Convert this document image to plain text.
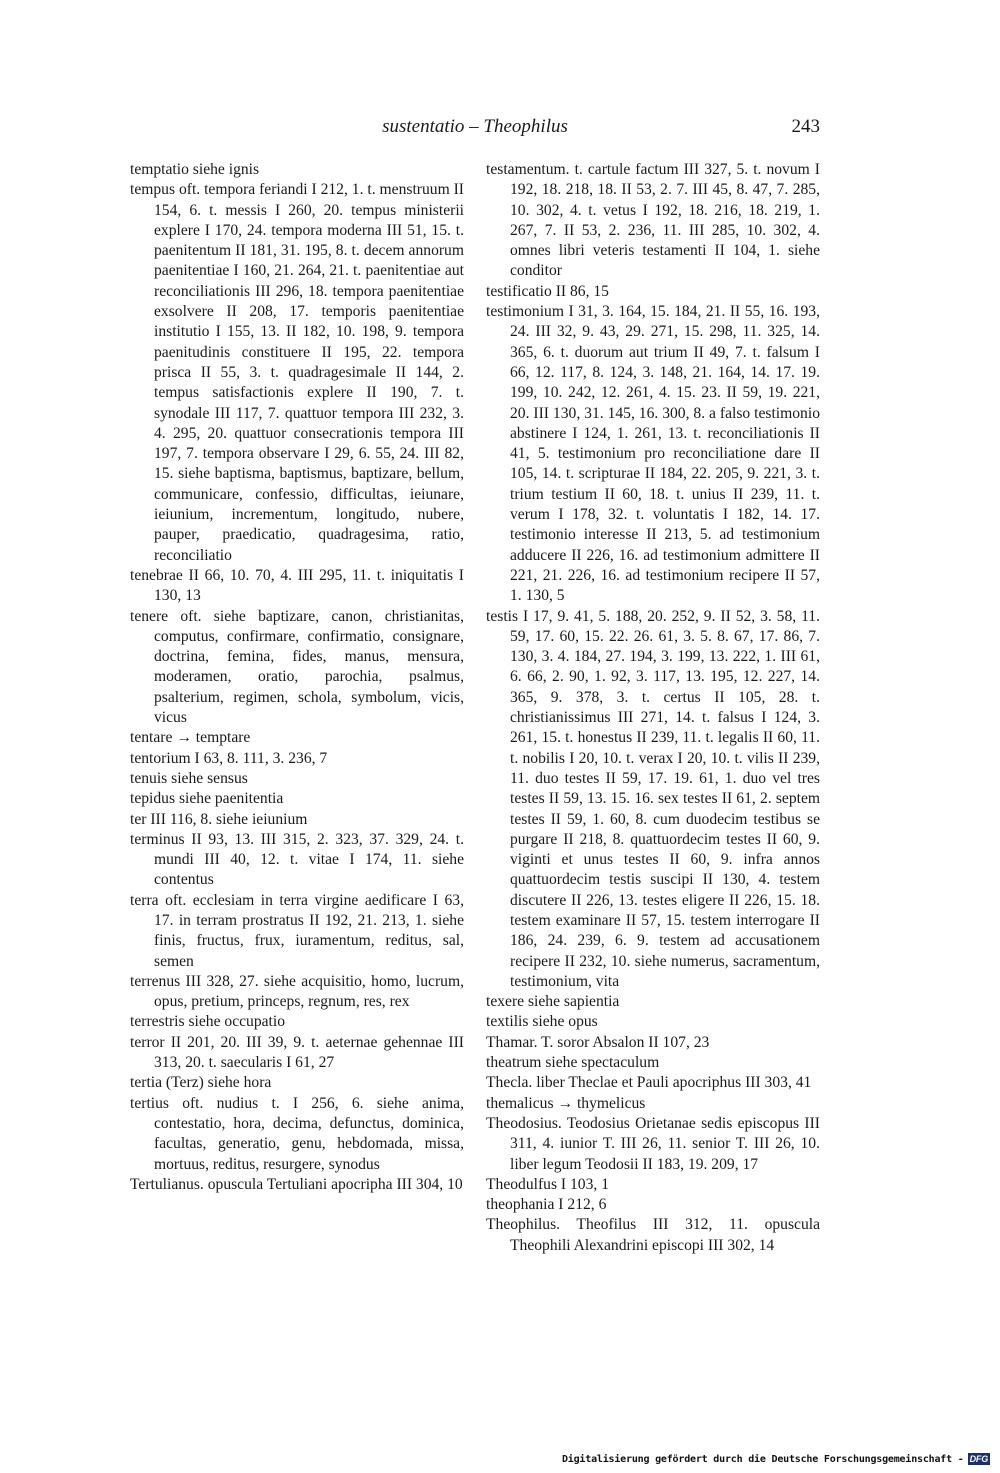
sustentatio – Theophilus	243

temptatio siehe ignis

tempus oft. tempora feriandi I 212, 1. t. menstruum II 154, 6. t. messis I 260, 20. tempus ministerii explere I 170, 24. tempora moderna III 51, 15. t. paenitentum II 181, 31. 195, 8. t. decem annorum paenitentiae I 160, 21. 264, 21. t. paenitentiae aut reconciliationis III 296, 18. tempora paenitentiae exsolvere II 208, 17. temporis paenitentiae institutio I 155, 13. II 182, 10. 198, 9. tempora paenitudinis constituere II 195, 22. tempora prisca II 55, 3. t. quadragesimale II 144, 2. tempus satisfactionis explere II 190, 7. t. synodale III 117, 7. quattuor tempora III 232, 3. 4. 295, 20. quattuor consecrationis tempora III 197, 7. tempora observare I 29, 6. 55, 24. III 82, 15. siehe baptisma, baptismus, baptizare, bellum, communicare, confessio, difficultas, ieiunare, ieiunium, incrementum, longitudo, nubere, pauper, praedicatio, quadragesima, ratio, reconciliatio

tenebrae II 66, 10. 70, 4. III 295, 11. t. iniquitatis I 130, 13

tenere oft. siehe baptizare, canon, christianitas, computus, confirmare, confirmatio, consignare, doctrina, femina, fides, manus, mensura, moderamen, oratio, parochia, psalmus, psalterium, regimen, schola, symbolum, vicis, vicus

tentare → temptare

tentorium I 63, 8. 111, 3. 236, 7

tenuis siehe sensus

tepidus siehe paenitentia

ter III 116, 8. siehe ieiunium

terminus II 93, 13. III 315, 2. 323, 37. 329, 24. t. mundi III 40, 12. t. vitae I 174, 11. siehe contentus

terra oft. ecclesiam in terra virgine aedificare I 63, 17. in terram prostratus II 192, 21. 213, 1. siehe finis, fructus, frux, iuramentum, reditus, sal, semen

terrenus III 328, 27. siehe acquisitio, homo, lucrum, opus, pretium, princeps, regnum, res, rex

terrestris siehe occupatio

terror II 201, 20. III 39, 9. t. aeternae gehennae III 313, 20. t. saecularis I 61, 27

tertia (Terz) siehe hora

tertius oft. nudius t. I 256, 6. siehe anima, contestatio, hora, decima, defunctus, dominica, facultas, generatio, genu, hebdomada, missa, mortuus, reditus, resurgere, synodus

Tertulianus. opuscula Tertuliani apocripha III 304, 10

testamentum. t. cartule factum III 327, 5. t. novum I 192, 18. 218, 18. II 53, 2. 7. III 45, 8. 47, 7. 285, 10. 302, 4. t. vetus I 192, 18. 216, 18. 219, 1. 267, 7. II 53, 2. 236, 11. III 285, 10. 302, 4. omnes libri veteris testamenti II 104, 1. siehe conditor

testificatio II 86, 15

testimonium I 31, 3. 164, 15. 184, 21. II 55, 16. 193, 24. III 32, 9. 43, 29. 271, 15. 298, 11. 325, 14. 365, 6. t. duorum aut trium II 49, 7. t. falsum I 66, 12. 117, 8. 124, 3. 148, 21. 164, 14. 17. 19. 199, 10. 242, 12. 261, 4. 15. 23. II 59, 19. 221, 20. III 130, 31. 145, 16. 300, 8. a falso testimonio abstinere I 124, 1. 261, 13. t. reconciliationis II 41, 5. testimonium pro reconciliatione dare II 105, 14. t. scripturae II 184, 22. 205, 9. 221, 3. t. trium testium II 60, 18. t. unius II 239, 11. t. verum I 178, 32. t. voluntatis I 182, 14. 17. testimonio interesse II 213, 5. ad testimonium adducere II 226, 16. ad testimonium admittere II 221, 21. 226, 16. ad testimonium recipere II 57, 1. 130, 5

testis I 17, 9. 41, 5. 188, 20. 252, 9. II 52, 3. 58, 11. 59, 17. 60, 15. 22. 26. 61, 3. 5. 8. 67, 17. 86, 7. 130, 3. 4. 184, 27. 194, 3. 199, 13. 222, 1. III 61, 6. 66, 2. 90, 1. 92, 3. 117, 13. 195, 12. 227, 14. 365, 9. 378, 3. t. certus II 105, 28. t. christianissimus III 271, 14. t. falsus I 124, 3. 261, 15. t. honestus II 239, 11. t. legalis II 60, 11. t. nobilis I 20, 10. t. verax I 20, 10. t. vilis II 239, 11. duo testes II 59, 17. 19. 61, 1. duo vel tres testes II 59, 13. 15. 16. sex testes II 61, 2. septem testes II 59, 1. 60, 8. cum duodecim testibus se purgare II 218, 8. quattuordecim testes II 60, 9. viginti et unus testes II 60, 9. infra annos quattuordecim testis suscipi II 130, 4. testem discutere II 226, 13. testes eligere II 226, 15. 18. testem examinare II 57, 15. testem interrogare II 186, 24. 239, 6. 9. testem ad accusationem recipere II 232, 10. siehe numerus, sacramentum, testimonium, vita

texere siehe sapientia

textilis siehe opus

Thamar. T. soror Absalon II 107, 23

theatrum siehe spectaculum

Thecla. liber Theclae et Pauli apocriphus III 303, 41

themalicus → thymelicus

Theodosius. Teodosius Orietanae sedis episcopus III 311, 4. iunior T. III 26, 11. senior T. III 26, 10. liber legum Teodosii II 183, 19. 209, 17

Theodulfus I 103, 1

theophania I 212, 6

Theophilus. Theofilus III 312, 11. opuscula Theophili Alexandrini episcopi III 302, 14

Digitalisierung gefördert durch die Deutsche Forschungsgemeinschaft - DFG
